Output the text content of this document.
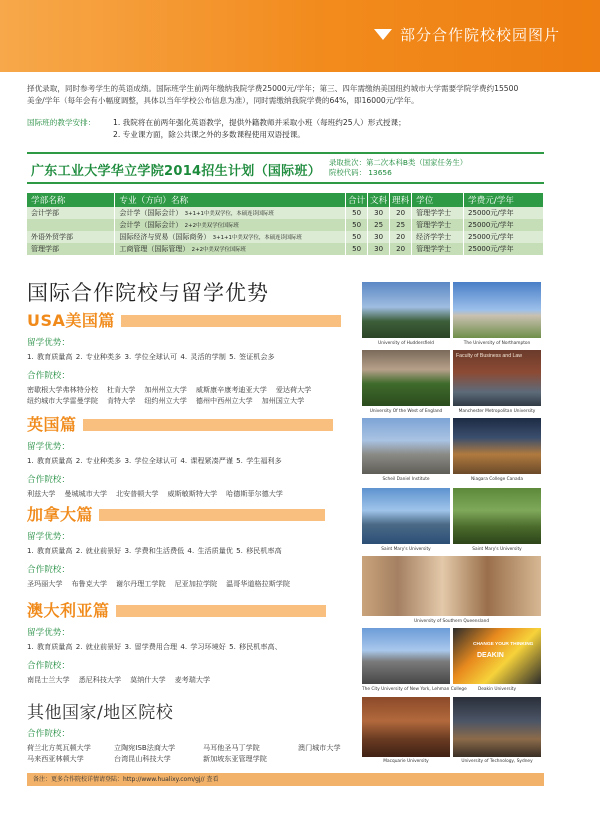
部分合作院校校园图片

择优录取，同时参考学生的英语成绩。国际班学生前两年缴纳我院学费25000元/学年；第三、四年需缴纳美国纽约城市大学需要学院学费约15500

美金/学年（每年会有小幅度调整，具体以当年学校公布信息为准），同时需缴纳我院学费的64%，即16000元/学年。

国际班的教学安排：	1. 我院将在前两年强化英语教学，提供外籍教师并采取小班（每班约25人）形式授课；
2. 专业课方面，除公共课之外的多数课程使用双语授课。
广东工业大学华立学院2014招生计划（国际班）
录取批次：第二次本科B类（国家任务生）
院校代码： 13656
学部名称	专业（方向）名称	合计	文科	理科	学位	学费元/学年
会计学部	会计学（国际会计） 3+1+1中美双学位，本硕连读国际班	50	30	20	管理学学士	25000元/学年
	会计学（国际会计） 2+2中美双学位国际班	50	25	25	管理学学士	25000元/学年
外语外贸学部	国际经济与贸易（国际商务） 3+1+1中美双学位，本硕连读国际班	50	30	20	经济学学士	25000元/学年
管理学部	工商管理（国际管理） 2+2中美双学位国际班	50	30	20	管理学学士	25000元/学年
国际合作院校与留学优势
USA美国篇
留学优势：
1. 教育质量高 2. 专业种类多 3. 学位全球认可 4. 灵活的学制 5. 签证机会多
合作院校：
密歇根大学弗林特分校 杜肯大学 加州州立大学 威斯康辛康考迪亚大学 爱达荷大学
纽约城市大学雷曼学院 肯特大学 纽约州立大学 德州中西州立大学 加州国立大学
英国篇
留学优势：
1. 教育质量高 2. 专业种类多 3. 学位全球认可 4. 课程紧凑严谨 5. 学生福利多
合作院校：
利兹大学 曼城城市大学 北安普顿大学 威斯敏斯特大学 哈德斯菲尔德大学
加拿大篇
留学优势：
1. 教育质量高 2. 就业前景好 3. 学费和生活费低 4. 生活质量优 5. 移民机率高
合作院校：
圣玛丽大学 布鲁克大学 谢尔丹理工学院 尼亚加拉学院 温哥华道格拉斯学院
澳大利亚篇
留学优势：
1. 教育质量高 2. 就业前景好 3. 留学费用合理 4. 学习环境好 5. 移民机率高、
合作院校：
南昆士兰大学 悉尼科技大学 莫纳什大学 麦考瑞大学
其他国家/地区院校
合作院校：
荷兰北方英瓦顿大学	立陶宛ISB法商大学	马耳他圣马丁学院	澳门城市大学
马来西亚林顿大学	台湾昆山科技大学	新加坡东亚管理学院
University of Huddersfield	The University of Northampton
Faculty of Business and Law
University Of the West of England	Manchester Metropolitan University
Scheil Daniel Institute	Niagara College Canada
Saint Mary's University	Saint Mary's University
University of Southern Queensland
CHANGE YOUR THINKING
DEAKIN
The City University of New York, Lehman College	Deakin University
Macquarie University	University of Technology, Sydney
备注：更多合作院校详情请登陆：http://www.hualixy.com/gj// 查看
